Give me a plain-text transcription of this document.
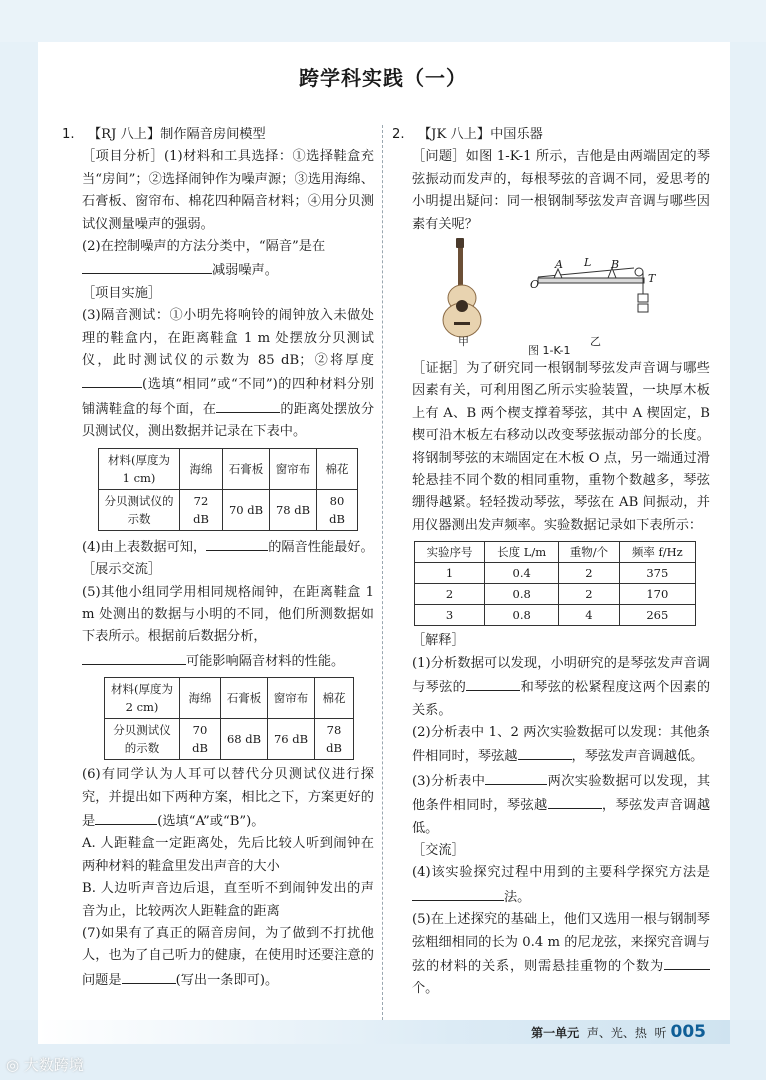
跨学科实践（一）

1. 【RJ 八上】制作隔音房间模型

［项目分析］(1)材料和工具选择：①选择鞋盒充当“房间”；②选择闹钟作为噪声源；③选用海绵、石膏板、窗帘布、棉花四种隔音材料；④用分贝测试仪测量噪声的强弱。

(2)在控制噪声的方法分类中，“隔音”是在
减弱噪声。

［项目实施］

(3)隔音测试：①小明先将响铃的闹钟放入未做处理的鞋盒内，在距离鞋盒 1 m 处摆放分贝测试仪，此时测试仪的示数为 85 dB；②将厚度(选填“相同”或“不同”)的四种材料分别铺满鞋盒的每个面，在	的距离处摆放分贝测试仪，测出数据并记录在下表中。

材料(厚度为 1 cm)	海绵	石膏板	窗帘布	棉花
分贝测试仪的示数	72 dB	70 dB	78 dB	80 dB

(4)由上表数据可知，	的隔音性能最好。

［展示交流］

(5)其他小组同学用相同规格闹钟，在距离鞋盒 1 m 处测出的数据与小明的不同，他们所测数据如下表所示。根据前后数据分析，
可能影响隔音材料的性能。

材料(厚度为 2 cm)	海绵	石膏板	窗帘布	棉花
分贝测试仪的示数	70 dB	68 dB	76 dB	78 dB

(6)有同学认为人耳可以替代分贝测试仪进行探究，并提出如下两种方案，相比之下，方案更好的是	(选填“A”或“B”)。

A. 人距鞋盒一定距离处，先后比较人听到闹钟在两种材料的鞋盒里发出声音的大小

B. 人边听声音边后退，直至听不到闹钟发出的声音为止，比较两次人距鞋盒的距离

(7)如果有了真正的隔音房间，为了做到不打扰他人，也为了自己听力的健康，在使用时还要注意的问题是	(写出一条即可)。

2. 【JK 八上】中国乐器

［问题］如图 1-K-1 所示，吉他是由两端固定的琴弦振动而发声的，每根琴弦的音调不同，爱思考的小明提出疑问：同一根钢制琴弦发声音调与哪些因素有关呢？

O
A L B
T
甲	乙
图 1-K-1

［证据］为了研究同一根钢制琴弦发声音调与哪些因素有关，可利用图乙所示实验装置，一块厚木板上有 A、B 两个楔支撑着琴弦，其中 A 楔固定，B 楔可沿木板左右移动以改变琴弦振动部分的长度。将钢制琴弦的末端固定在木板 O 点，另一端通过滑轮悬挂不同个数的相同重物，重物个数越多，琴弦绷得越紧。轻轻拨动琴弦，琴弦在 AB 间振动，并用仪器测出发声频率。实验数据记录如下表所示：

实验序号	长度 L/m	重物/个	频率 f/Hz
1	0.4	2	375
2	0.8	2	170
3	0.8	4	265

［解释］

(1)分析数据可以发现，小明研究的是琴弦发声音调与琴弦的	和琴弦的松紧程度这两个因素的关系。

(2)分析表中 1、2 两次实验数据可以发现：其他条件相同时，琴弦越	，琴弦发声音调越低。

(3)分析表中	两次实验数据可以发现，其他条件相同时，琴弦越	，琴弦发声音调越低。

［交流］

(4)该实验探究过程中用到的主要科学探究方法是法。

(5)在上述探究的基础上，他们又选用一根与钢制琴弦粗细相同的长为 0.4 m 的尼龙弦，来探究音调与弦的材料的关系，则需悬挂重物的个数为个。

第一单元 声、光、热 听 005
◎ 大数跨境
